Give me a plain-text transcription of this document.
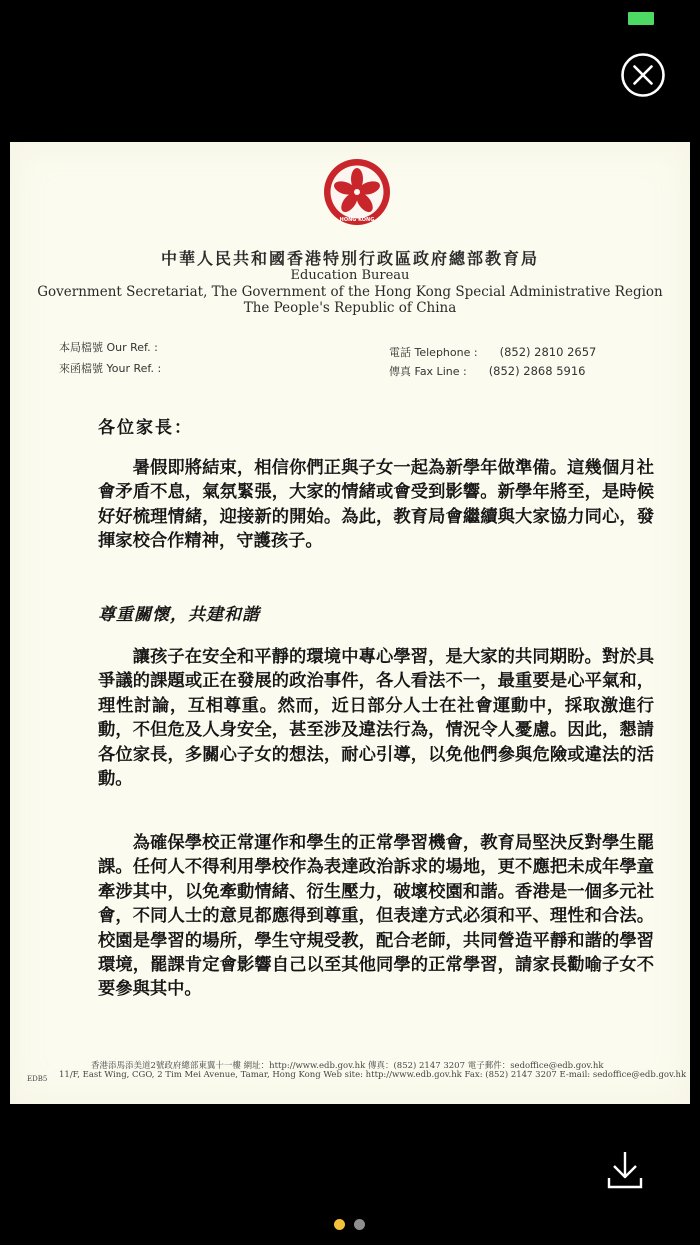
HONG KONG
中華人民共和國香港特別行政區政府總部教育局
Education Bureau
Government Secretariat, The Government of the Hong Kong Special Administrative Region
The People's Republic of China
本局檔號 Our Ref. :
來函檔號 Your Ref. :
電話 Telephone : (852) 2810 2657
傳真 Fax Line : (852) 2868 5916
各位家長：

暑假即將結束，相信你們正與子女一起為新學年做準備。這幾個月社會矛盾不息，氣氛緊張，大家的情緒或會受到影響。新學年將至，是時候好好梳理情緒，迎接新的開始。為此，教育局會繼續與大家協力同心，發揮家校合作精神，守護孩子。

尊重關懷，共建和諧

讓孩子在安全和平靜的環境中專心學習，是大家的共同期盼。對於具爭議的課題或正在發展的政治事件，各人看法不一，最重要是心平氣和，理性討論，互相尊重。然而，近日部分人士在社會運動中，採取激進行動，不但危及人身安全，甚至涉及違法行為，情況令人憂慮。因此，懇請各位家長，多關心子女的想法，耐心引導，以免他們參與危險或違法的活動。

為確保學校正常運作和學生的正常學習機會，教育局堅決反對學生罷課。任何人不得利用學校作為表達政治訴求的場地，更不應把未成年學童牽涉其中，以免牽動情緒、衍生壓力，破壞校園和諧。香港是一個多元社會，不同人士的意見都應得到尊重，但表達方式必須和平、理性和合法。校園是學習的場所，學生守規受教，配合老師，共同營造平靜和諧的學習環境，罷課肯定會影響自己以至其他同學的正常學習，請家長勸喻子女不要參與其中。

香港添馬添美道2號政府總部東翼十一樓 網址：http://www.edb.gov.hk 傳真：(852) 2147 3207 電子郵件：sedoffice@edb.gov.hk
EDB5 11/F, East Wing, CGO, 2 Tim Mei Avenue, Tamar, Hong Kong Web site: http://www.edb.gov.hk Fax: (852) 2147 3207 E-mail: sedoffice@edb.gov.hk
